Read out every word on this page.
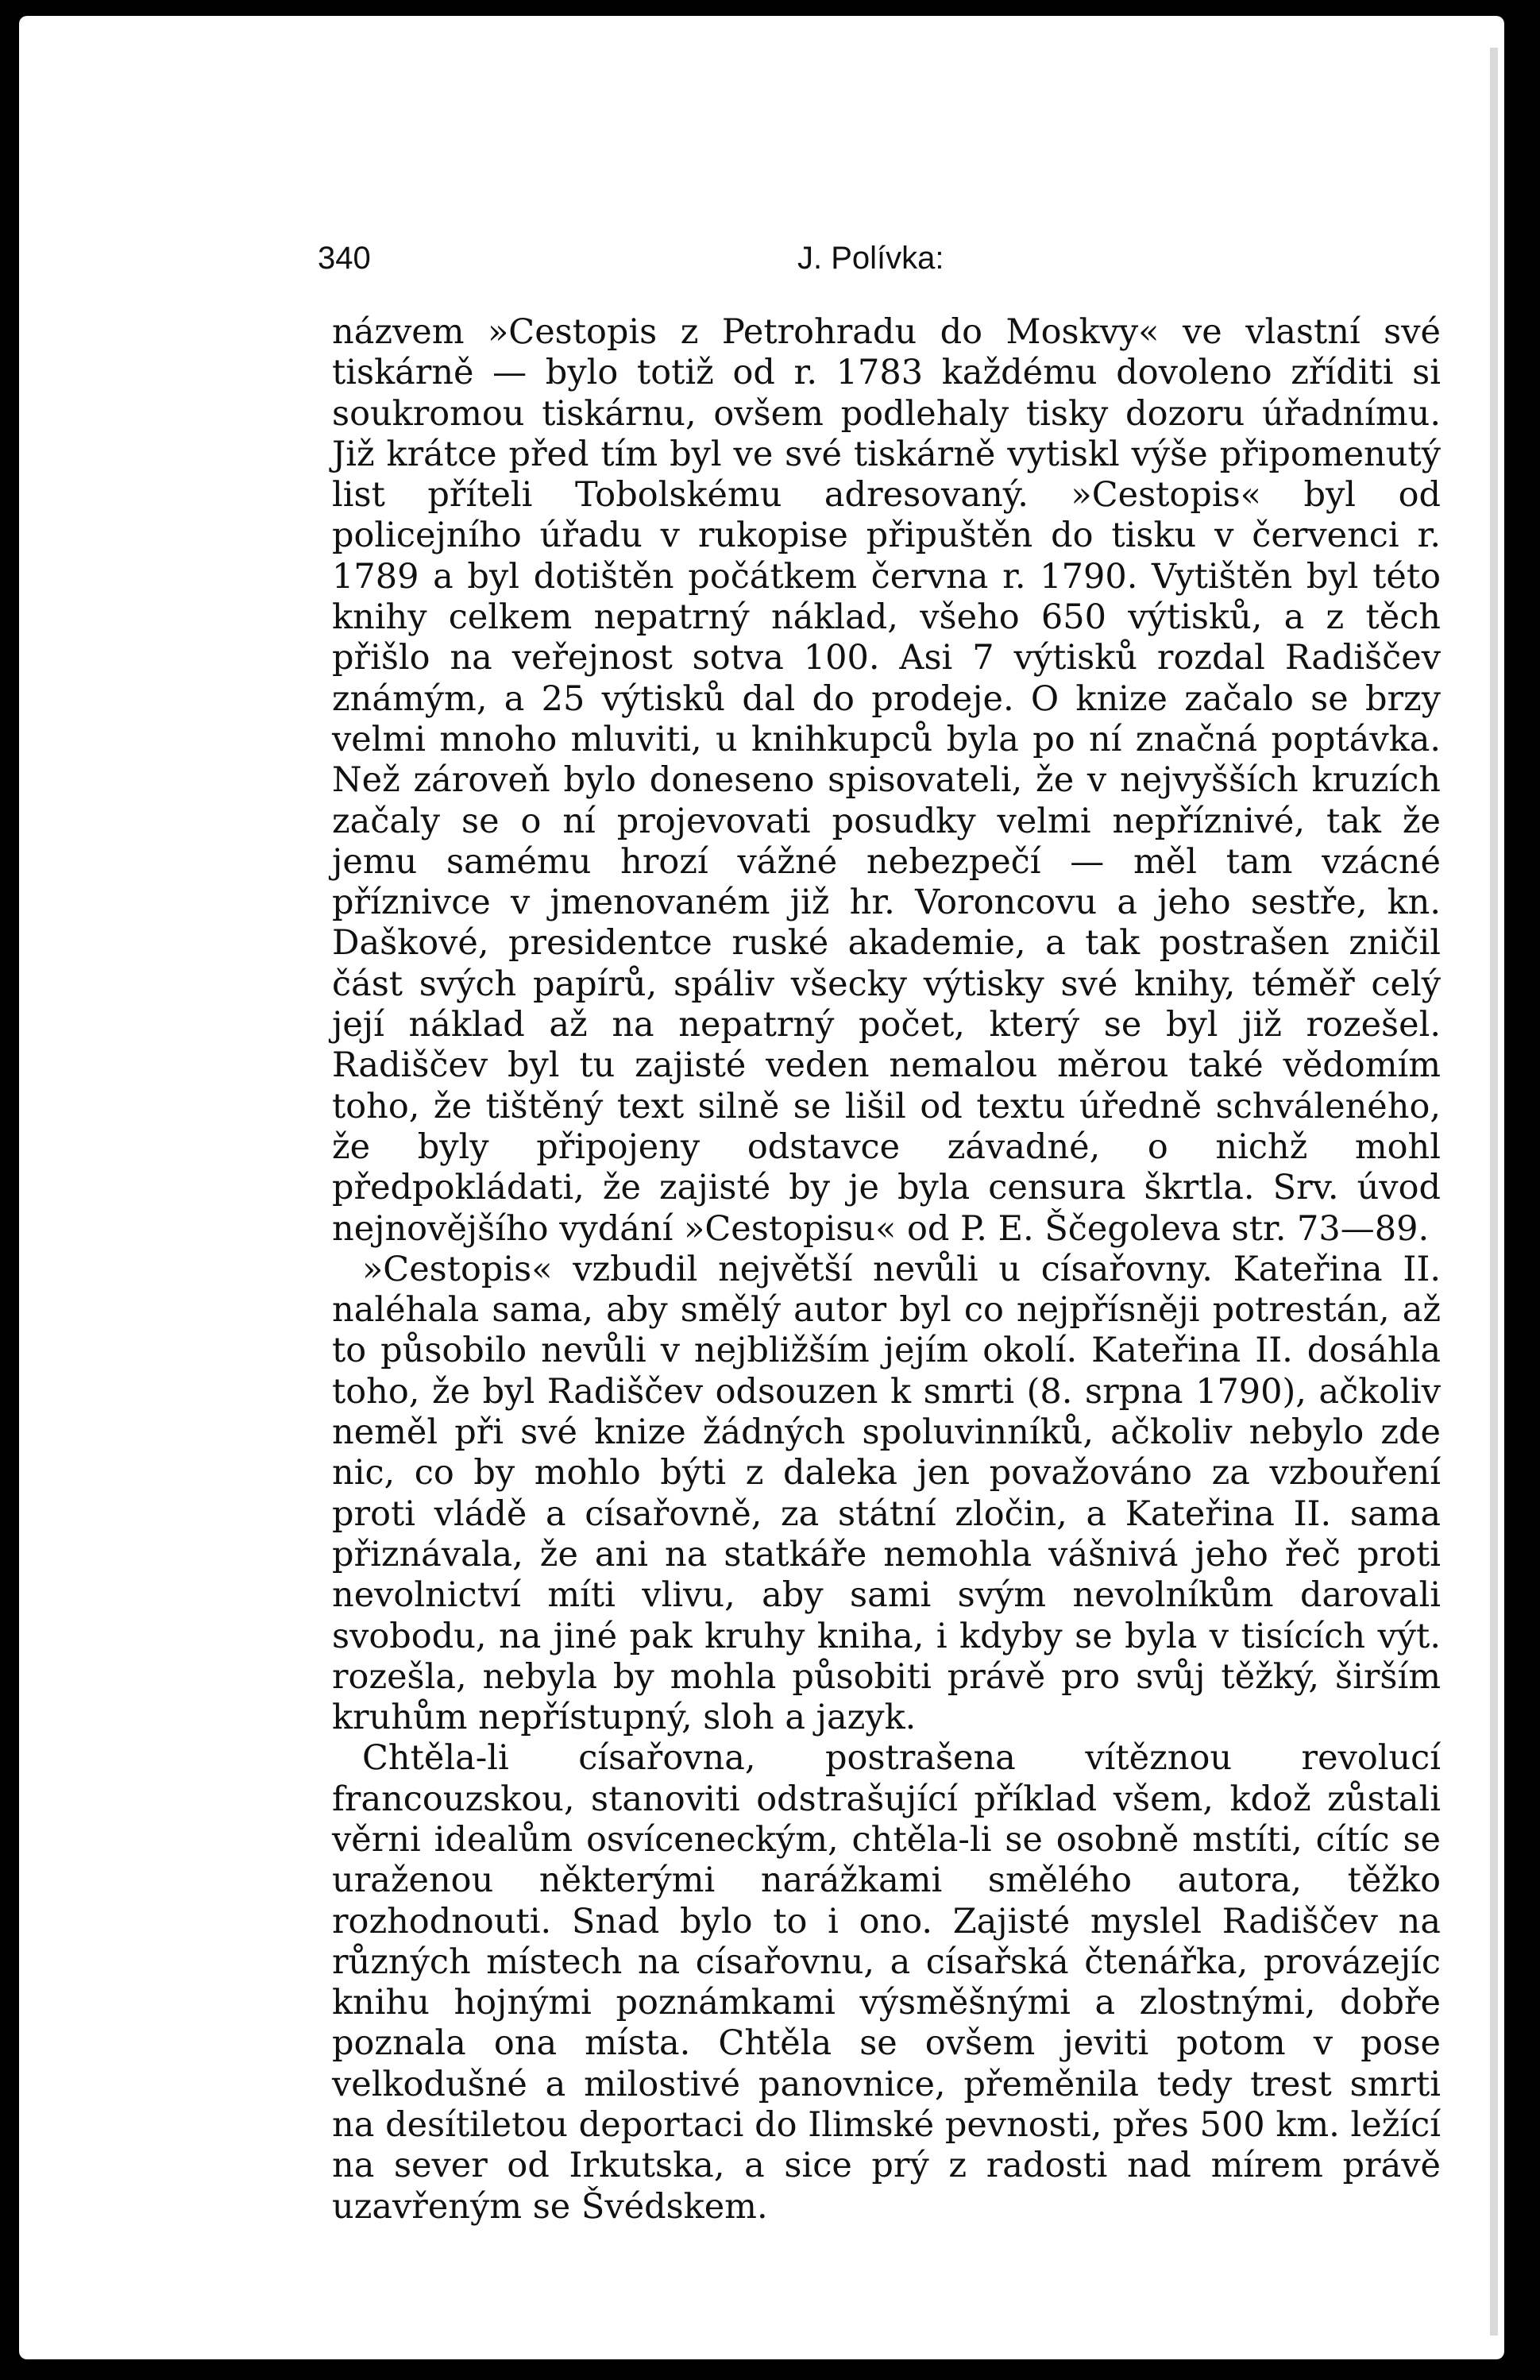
340	J. Polívka:

názvem »Cestopis z Petrohradu do Moskvy« ve vlastní své tiskárně — bylo totiž od r. 1783 každému dovoleno zříditi si soukromou tiskárnu, ovšem podlehaly tisky dozoru úřadnímu. Již krátce před tím byl ve své tiskárně vytiskl výše připomenutý list příteli Tobolskému adresovaný. »Cestopis« byl od policejního úřadu v rukopise připuštěn do tisku v červenci r. 1789 a byl dotištěn počátkem června r. 1790. Vytištěn byl této knihy celkem nepatrný náklad, všeho 650 výtisků, a z těch přišlo na veřejnost sotva 100. Asi 7 výtisků rozdal Radiščev známým, a 25 výtisků dal do prodeje. O knize začalo se brzy velmi mnoho mluviti, u knihkupců byla po ní značná poptávka. Než zároveň bylo doneseno spisovateli, že v nejvyšších kruzích začaly se o ní projevovati posudky velmi nepříznivé, tak že jemu samému hrozí vážné nebezpečí — měl tam vzácné příznivce v jmenovaném již hr. Voroncovu a jeho sestře, kn. Daškové, presidentce ruské akademie, a tak postrašen zničil část svých papírů, spáliv všecky výtisky své knihy, téměř celý její náklad až na nepatrný počet, který se byl již rozešel. Radiščev byl tu zajisté veden nemalou měrou také vědomím toho, že tištěný text silně se lišil od textu úředně schváleného, že byly připojeny odstavce závadné, o nichž mohl předpokládati, že zajisté by je byla censura škrtla. Srv. úvod nejnovějšího vydání »Cestopisu« od P. E. Ščegoleva str. 73—89.

»Cestopis« vzbudil největší nevůli u císařovny. Kateřina II. naléhala sama, aby smělý autor byl co nejpřísněji potrestán, až to působilo nevůli v nejbližším jejím okolí. Kateřina II. dosáhla toho, že byl Radiščev odsouzen k smrti (8. srpna 1790), ačkoliv neměl při své knize žádných spoluvinníků, ačkoliv nebylo zde nic, co by mohlo býti z daleka jen považováno za vzbouření proti vládě a císařovně, za státní zločin, a Kateřina II. sama přiznávala, že ani na statkáře nemohla vášnivá jeho řeč proti nevolnictví míti vlivu, aby sami svým nevolníkům darovali svobodu, na jiné pak kruhy kniha, i kdyby se byla v tisících výt. rozešla, nebyla by mohla působiti právě pro svůj těžký, širším kruhům nepřístupný, sloh a jazyk.

Chtěla-li císařovna, postrašena vítěznou revolucí francouzskou, stanoviti odstrašující příklad všem, kdož zůstali věrni idealům osvíceneckým, chtěla-li se osobně mstíti, cítíc se uraženou některými narážkami smělého autora, těžko rozhodnouti. Snad bylo to i ono. Zajisté myslel Radiščev na různých místech na císařovnu, a císařská čtenářka, provázejíc knihu hojnými poznámkami výsměšnými a zlostnými, dobře poznala ona místa. Chtěla se ovšem jeviti potom v pose velkodušné a milostivé panovnice, přeměnila tedy trest smrti na desítiletou deportaci do Ilimské pevnosti, přes 500 km. ležící na sever od Irkutska, a sice prý z radosti nad mírem právě uzavřeným se Švédskem.
